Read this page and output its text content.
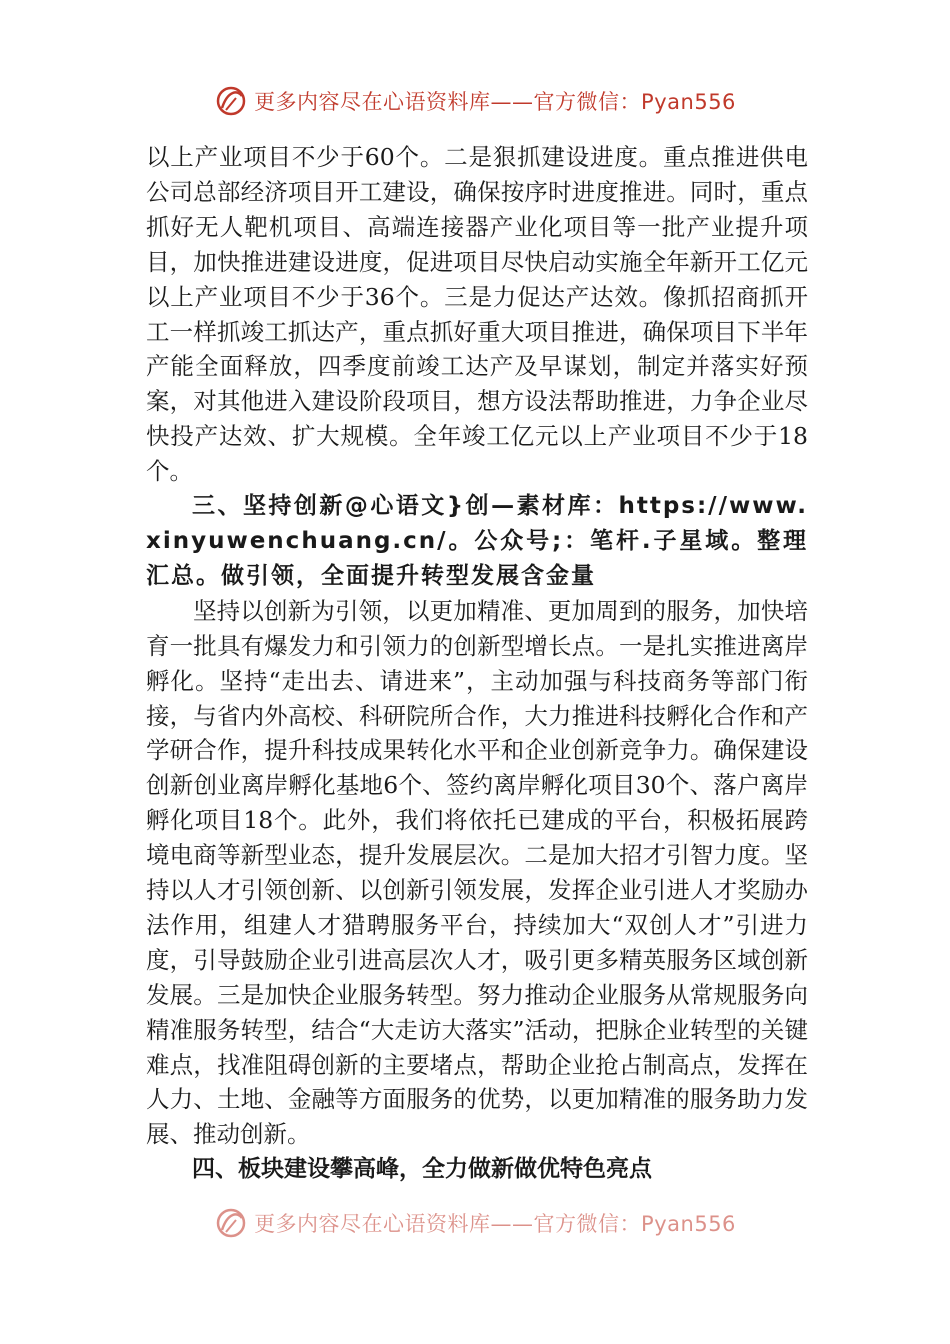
更多内容尽在心语资料库——官方微信：Pyan556

以上产业项目不少于60个。二是狠抓建设进度。重点推进供电公司总部经济项目开工建设，确保按序时进度推进。同时，重点抓好无人靶机项目、高端连接器产业化项目等一批产业提升项目，加快推进建设进度，促进项目尽快启动实施全年新开工亿元以上产业项目不少于36个。三是力促达产达效。像抓招商抓开工一样抓竣工抓达产，重点抓好重大项目推进，确保项目下半年产能全面释放，四季度前竣工达产及早谋划，制定并落实好预案，对其他进入建设阶段项目，想方设法帮助推进，力争企业尽快投产达效、扩大规模。全年竣工亿元以上产业项目不少于18个。

三、坚持创新@心语文}创—素材库：https://www.xinyuwenchuang.cn/。公众号;：笔杆.子星域。整理汇总。做引领，全面提升转型发展含金量

坚持以创新为引领，以更加精准、更加周到的服务，加快培育一批具有爆发力和引领力的创新型增长点。一是扎实推进离岸孵化。坚持“走出去、请进来”，主动加强与科技商务等部门衔接，与省内外高校、科研院所合作，大力推进科技孵化合作和产学研合作，提升科技成果转化水平和企业创新竞争力。确保建设创新创业离岸孵化基地6个、签约离岸孵化项目30个、落户离岸孵化项目18个。此外，我们将依托已建成的平台，积极拓展跨境电商等新型业态，提升发展层次。二是加大招才引智力度。坚持以人才引领创新、以创新引领发展，发挥企业引进人才奖励办法作用，组建人才猎聘服务平台，持续加大“双创人才”引进力度，引导鼓励企业引进高层次人才，吸引更多精英服务区域创新发展。三是加快企业服务转型。努力推动企业服务从常规服务向精准服务转型，结合“大走访大落实”活动，把脉企业转型的关键难点，找准阻碍创新的主要堵点，帮助企业抢占制高点，发挥在人力、土地、金融等方面服务的优势，以更加精准的服务助力发展、推动创新。

四、板块建设攀高峰，全力做新做优特色亮点

更多内容尽在心语资料库——官方微信：Pyan556
